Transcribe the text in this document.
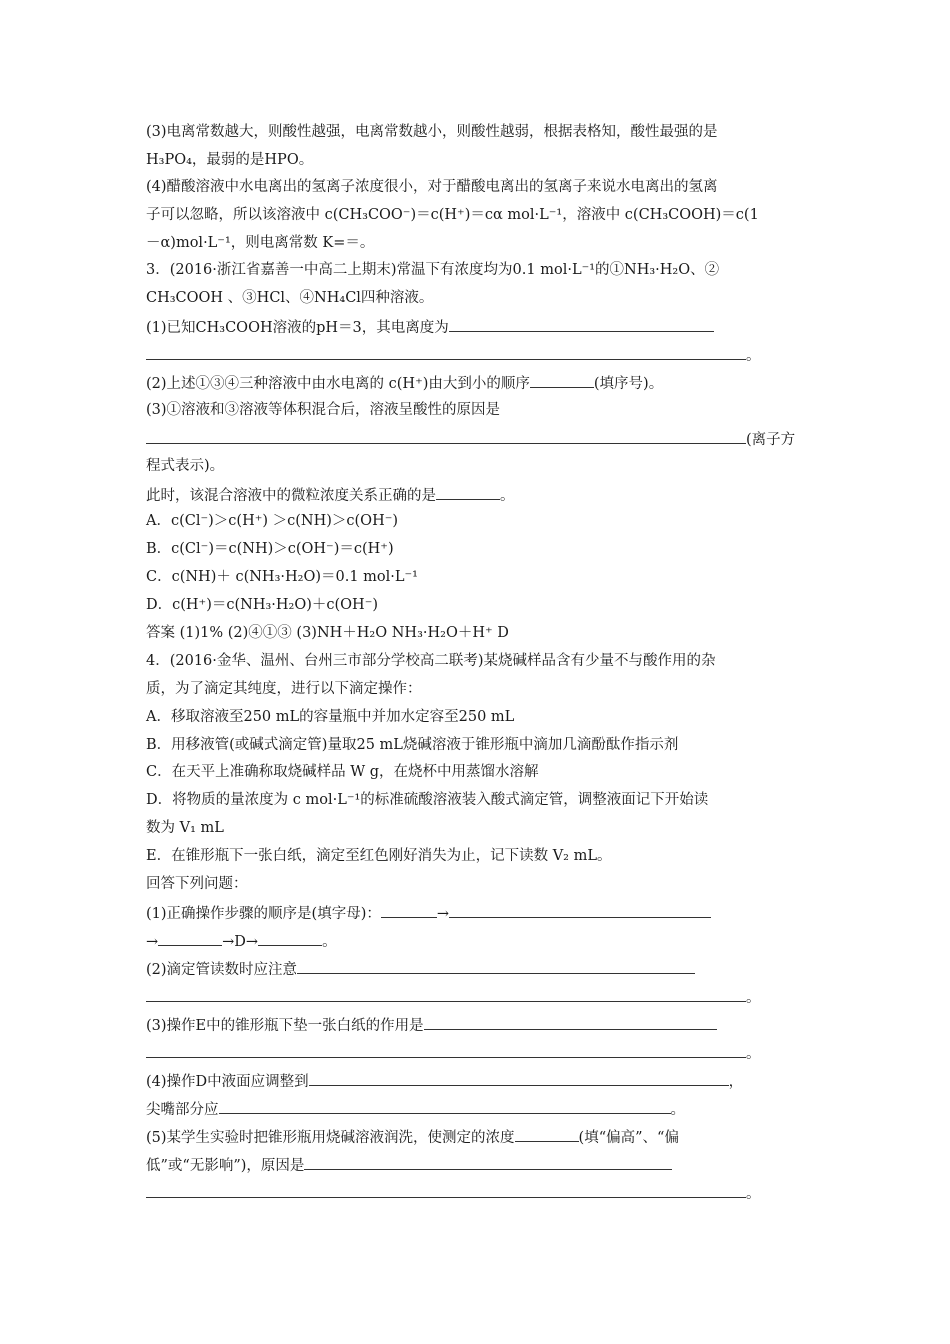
(3)电离常数越大，则酸性越强，电离常数越小，则酸性越弱，根据表格知，酸性最强的是
H₃PO₄，最弱的是HPO。
(4)醋酸溶液中水电离出的氢离子浓度很小，对于醋酸电离出的氢离子来说水电离出的氢离
子可以忽略，所以该溶液中 c(CH₃COO⁻)＝c(H⁺)＝cα mol·L⁻¹，溶液中 c(CH₃COOH)＝c(1
－α)mol·L⁻¹，则电离常数 K=＝。
3．(2016·浙江省嘉善一中高二上期末)常温下有浓度均为0.1 mol·L⁻¹的①NH₃·H₂O、②
CH₃COOH 、③HCl、④NH₄Cl四种溶液。
(1)已知CH₃COOH溶液的pH＝3，其电离度为
。
(2)上述①③④三种溶液中由水电离的 c(H⁺)由大到小的顺序	(填序号)。
(3)①溶液和③溶液等体积混合后，溶液呈酸性的原因是
(离子方
程式表示)。
此时，该混合溶液中的微粒浓度关系正确的是	。
A．c(Cl⁻)＞c(H⁺) ＞c(NH)＞c(OH⁻)
B．c(Cl⁻)＝c(NH)＞c(OH⁻)＝c(H⁺)
C．c(NH)＋ c(NH₃·H₂O)＝0.1 mol·L⁻¹
D．c(H⁺)＝c(NH₃·H₂O)＋c(OH⁻)
答案 (1)1% (2)④①③ (3)NH＋H₂O NH₃·H₂O＋H⁺ D
4．(2016·金华、温州、台州三市部分学校高二联考)某烧碱样品含有少量不与酸作用的杂
质，为了滴定其纯度，进行以下滴定操作：
A．移取溶液至250 mL的容量瓶中并加水定容至250 mL
B．用移液管(或碱式滴定管)量取25 mL烧碱溶液于锥形瓶中滴加几滴酚酞作指示剂
C．在天平上准确称取烧碱样品 W g，在烧杯中用蒸馏水溶解
D．将物质的量浓度为 c mol·L⁻¹的标准硫酸溶液装入酸式滴定管，调整液面记下开始读
数为 V₁ mL
E．在锥形瓶下一张白纸，滴定至红色刚好消失为止，记下读数 V₂ mL。
回答下列问题：
(1)正确操作步骤的顺序是(填字母)：	→
→	→D→	。
(2)滴定管读数时应注意
。
(3)操作E中的锥形瓶下垫一张白纸的作用是
。
(4)操作D中液面应调整到	，
尖嘴部分应	。
(5)某学生实验时把锥形瓶用烧碱溶液润洗，使测定的浓度	(填“偏高”、“偏
低”或“无影响”)，原因是
。
